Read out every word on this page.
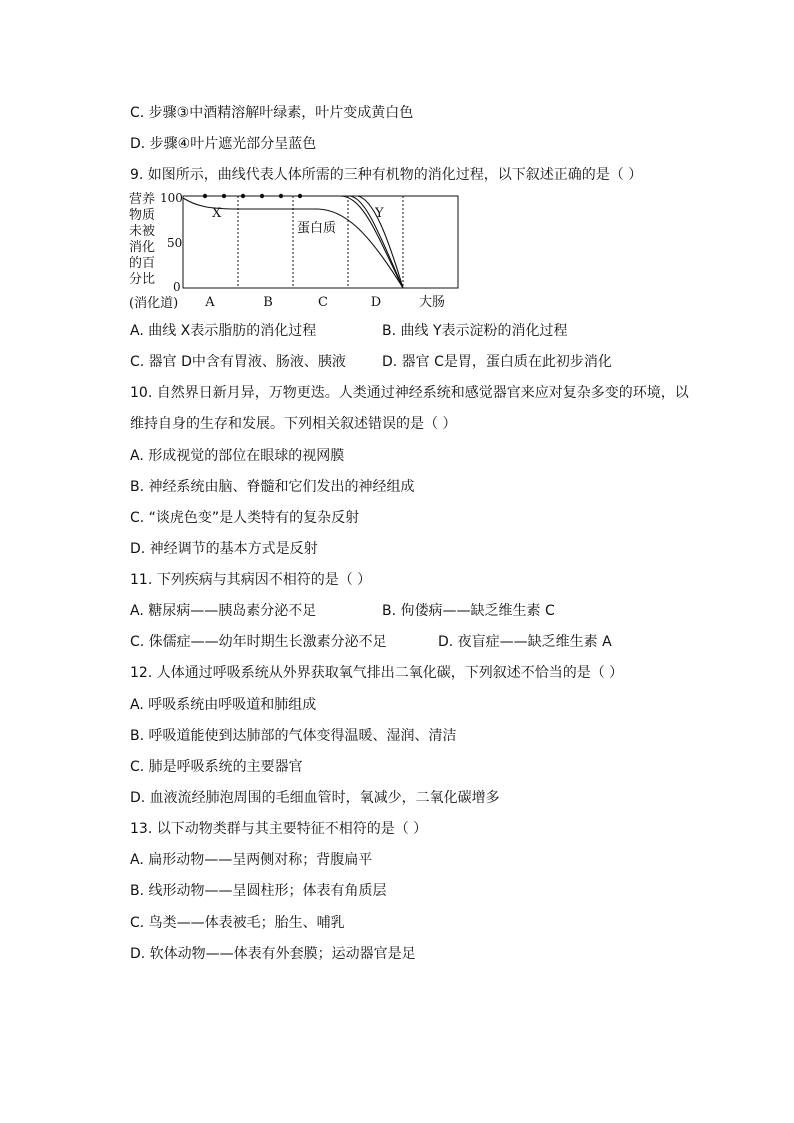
C. 步骤③中酒精溶解叶绿素，叶片变成黄白色
D. 步骤④叶片遮光部分呈蓝色
9. 如图所示，曲线代表人体所需的三种有机物的消化过程，以下叙述正确的是（ ）
营养
物质
未被
消化
的百
分比
100
50
0
X	Y
蛋白质
(消化道) A	B	C	D	大肠
A. 曲线 X表示脂肪的消化过程	B. 曲线 Y表示淀粉的消化过程
C. 器官 D中含有胃液、肠液、胰液	D. 器官 C是胃，蛋白质在此初步消化
10. 自然界日新月异，万物更迭。人类通过神经系统和感觉器官来应对复杂多变的环境，以
维持自身的生存和发展。下列相关叙述错误的是（ ）
A. 形成视觉的部位在眼球的视网膜
B. 神经系统由脑、脊髓和它们发出的神经组成
C. “谈虎色变”是人类特有的复杂反射
D. 神经调节的基本方式是反射
11. 下列疾病与其病因不相符的是（ ）
A. 糖尿病——胰岛素分泌不足	B. 佝偻病——缺乏维生素 C
C. 侏儒症——幼年时期生长激素分泌不足	D. 夜盲症——缺乏维生素 A
12. 人体通过呼吸系统从外界获取氧气排出二氧化碳，下列叙述不恰当的是（ ）
A. 呼吸系统由呼吸道和肺组成
B. 呼吸道能使到达肺部的气体变得温暖、湿润、清洁
C. 肺是呼吸系统的主要器官
D. 血液流经肺泡周围的毛细血管时，氧减少，二氧化碳增多
13. 以下动物类群与其主要特征不相符的是（ ）
A. 扁形动物——呈两侧对称；背腹扁平
B. 线形动物——呈圆柱形；体表有角质层
C. 鸟类——体表被毛；胎生、哺乳
D. 软体动物——体表有外套膜；运动器官是足
